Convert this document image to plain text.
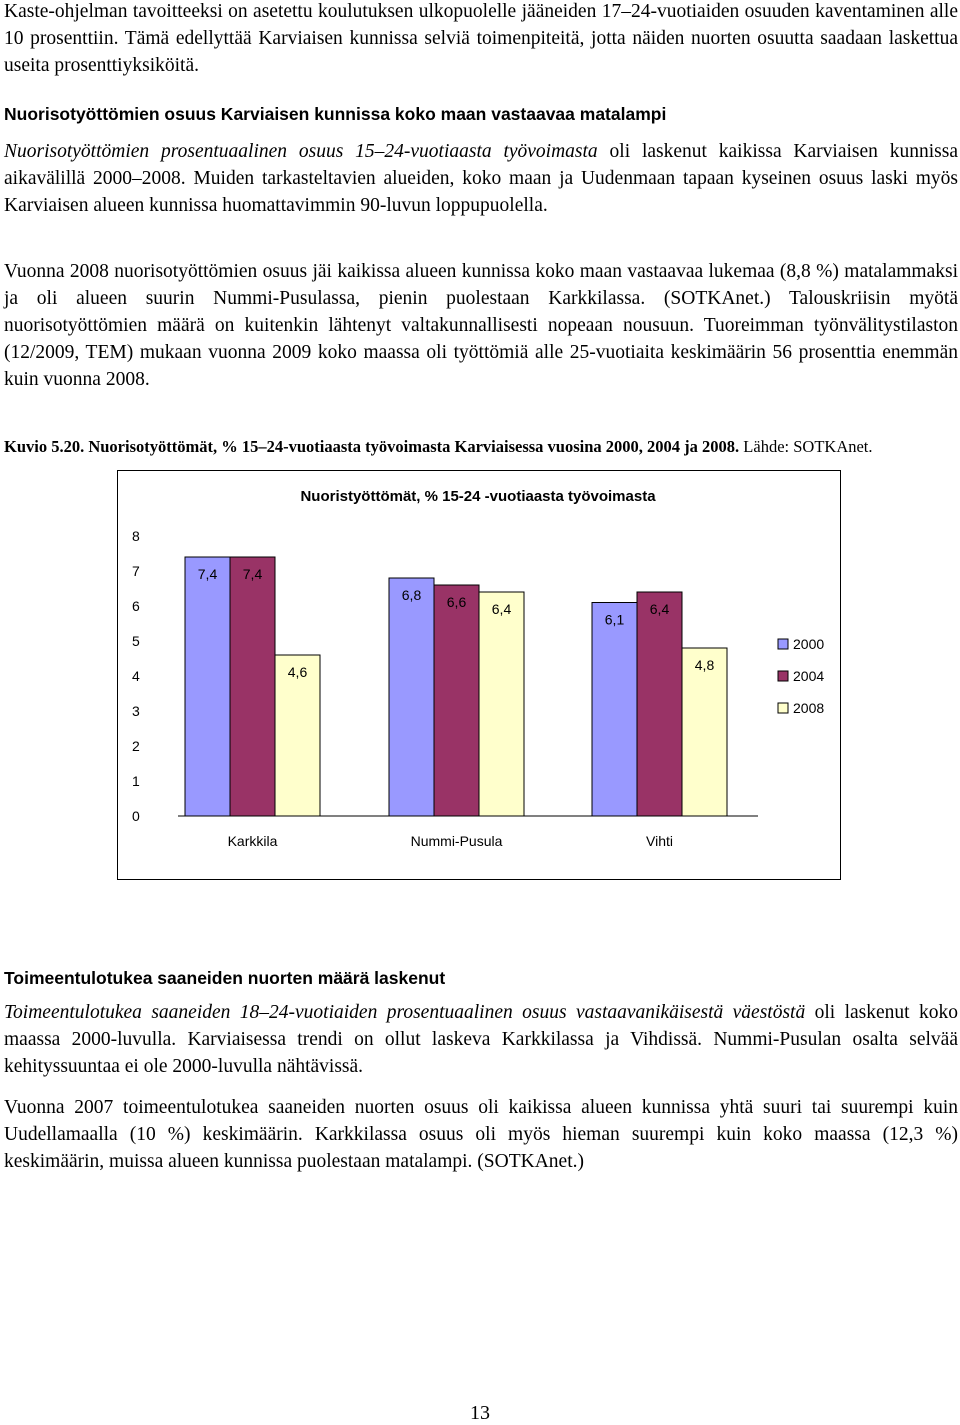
Kaste-ohjelman tavoitteeksi on asetettu koulutuksen ulkopuolelle jääneiden 17–24-vuotiaiden osuuden kaventaminen alle 10 prosenttiin. Tämä edellyttää Karviaisen kunnissa selviä toimenpiteitä, jotta näiden nuorten osuutta saadaan laskettua useita prosenttiyksiköitä.

Nuorisotyöttömien osuus Karviaisen kunnissa koko maan vastaavaa matalampi

Nuorisotyöttömien prosentuaalinen osuus 15–24-vuotiaasta työvoimasta oli laskenut kaikissa Karviaisen kunnissa aikavälillä 2000–2008. Muiden tarkasteltavien alueiden, koko maan ja Uudenmaan tapaan kyseinen osuus laski myös Karviaisen alueen kunnissa huomattavimmin 90-luvun loppupuolella.

Vuonna 2008 nuorisotyöttömien osuus jäi kaikissa alueen kunnissa koko maan vastaavaa lukemaa (8,8 %) matalammaksi ja oli alueen suurin Nummi-Pusulassa, pienin puolestaan Karkkilassa. (SOTKAnet.) Talouskriisin myötä nuorisotyöttömien määrä on kuitenkin lähtenyt valtakunnallisesti nopeaan nousuun. Tuoreimman työnvälitystilaston (12/2009, TEM) mukaan vuonna 2009 koko maassa oli työttömiä alle 25-vuotiaita keskimäärin 56 prosenttia enemmän kuin vuonna 2008.

Kuvio 5.20. Nuorisotyöttömät, % 15–24-vuotiaasta työvoimasta Karviaisessa vuosina 2000, 2004 ja 2008. Lähde: SOTKAnet.

Nuoristyöttömät, % 15-24 -vuotiaasta työvoimasta
0
1
2
3
4
5
6
7
8
7,4 7,4
4,6
6,8 6,6 6,4
6,1
6,4
4,8
Karkkila	Nummi-Pusula	Vihti
2000
2004
2008

Toimeentulotukea saaneiden nuorten määrä laskenut

Toimeentulotukea saaneiden 18–24-vuotiaiden prosentuaalinen osuus vastaavanikäisestä väestöstä oli laskenut koko maassa 2000-luvulla. Karviaisessa trendi on ollut laskeva Karkkilassa ja Vihdissä. Nummi-Pusulan osalta selvää kehityssuuntaa ei ole 2000-luvulla nähtävissä.

Vuonna 2007 toimeentulotukea saaneiden nuorten osuus oli kaikissa alueen kunnissa yhtä suuri tai suurempi kuin Uudellamaalla (10 %) keskimäärin. Karkkilassa osuus oli myös hieman suurempi kuin koko maassa (12,3 %) keskimäärin, muissa alueen kunnissa puolestaan matalampi. (SOTKAnet.)

13
